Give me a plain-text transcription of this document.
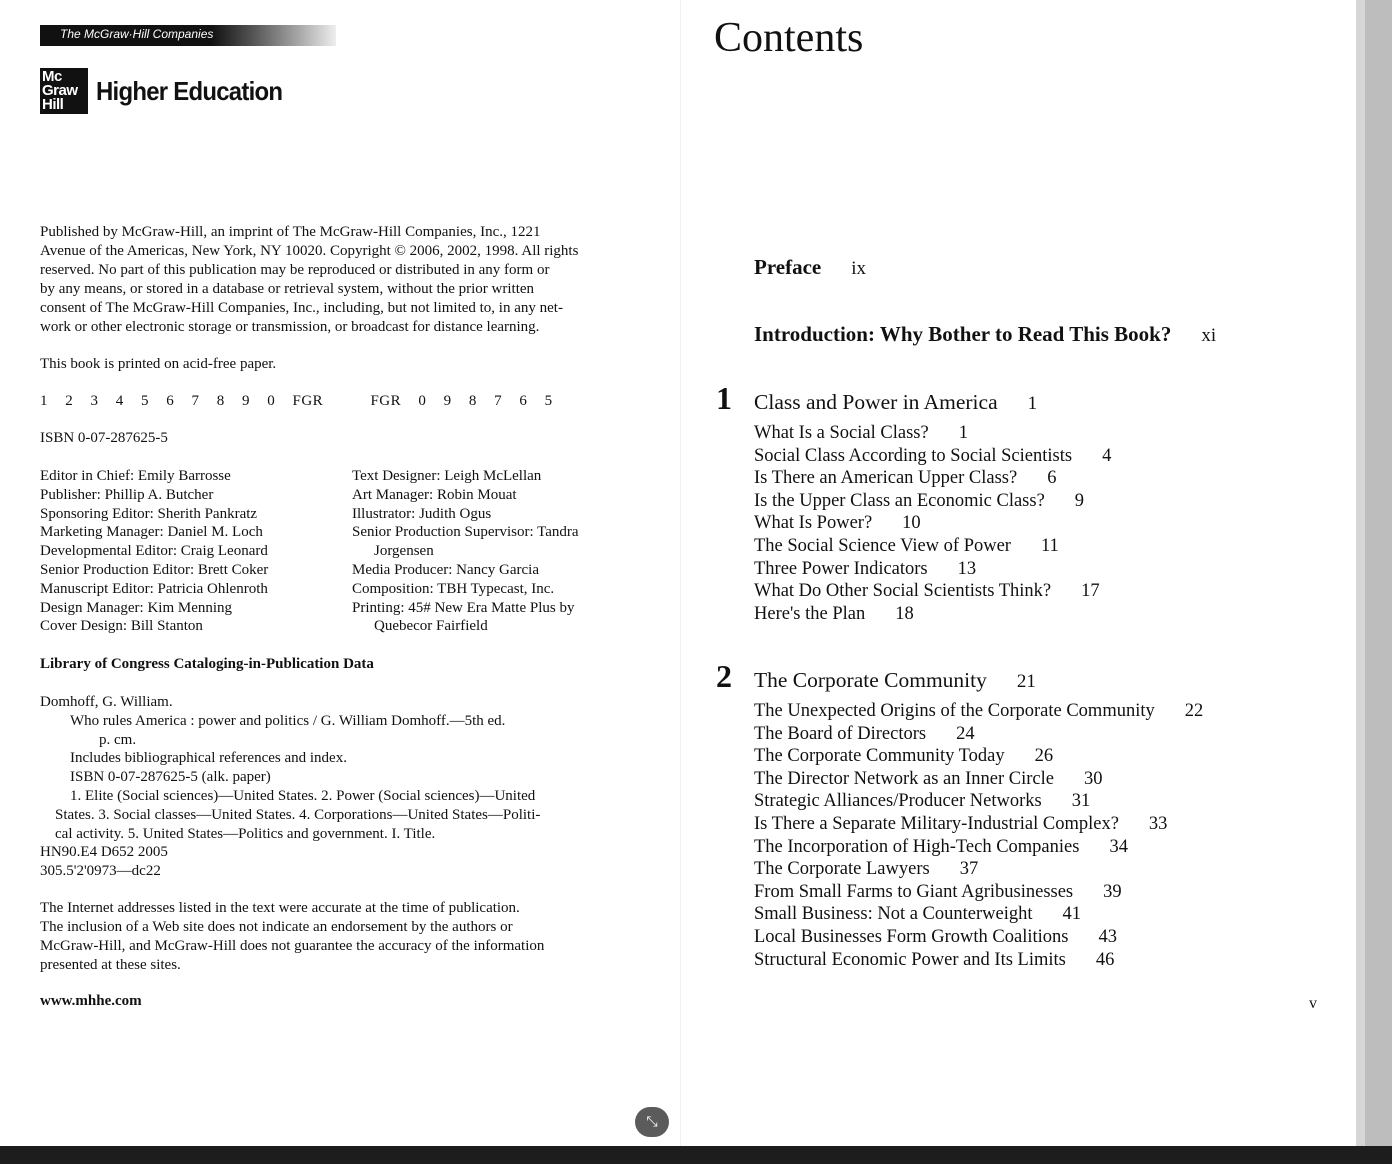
The McGraw·Hill Companies
Mc
Graw
Hill	Higher Education

Published by McGraw-Hill, an imprint of The McGraw-Hill Companies, Inc., 1221

Avenue of the Americas, New York, NY 10020. Copyright © 2006, 2002, 1998. All rights

reserved. No part of this publication may be reproduced or distributed in any form or

by any means, or stored in a database or retrieval system, without the prior written

consent of The McGraw-Hill Companies, Inc., including, but not limited to, in any net-

work or other electronic storage or transmission, or broadcast for distance learning.

This book is printed on acid-free paper.

1 2 3 4 5 6 7 8 9 0 FGR	FGR 0 9 8 7 6 5
ISBN 0-07-287625-5
Editor in Chief: Emily Barrosse
Publisher: Phillip A. Butcher
Sponsoring Editor: Sherith Pankratz
Marketing Manager: Daniel M. Loch
Developmental Editor: Craig Leonard
Senior Production Editor: Brett Coker
Manuscript Editor: Patricia Ohlenroth
Design Manager: Kim Menning
Cover Design: Bill Stanton
Text Designer: Leigh McLellan
Art Manager: Robin Mouat
Illustrator: Judith Ogus
Senior Production Supervisor: Tandra
Jorgensen
Media Producer: Nancy Garcia
Composition: TBH Typecast, Inc.
Printing: 45# New Era Matte Plus by
Quebecor Fairfield
Library of Congress Cataloging-in-Publication Data
Domhoff, G. William.
Who rules America : power and politics / G. William Domhoff.—5th ed.
p. cm.
Includes bibliographical references and index.
ISBN 0-07-287625-5 (alk. paper)
1. Elite (Social sciences)—United States. 2. Power (Social sciences)—United
States. 3. Social classes—United States. 4. Corporations—United States—Politi-
cal activity. 5. United States—Politics and government. I. Title.
HN90.E4 D652 2005
305.5'2'0973—dc22

The Internet addresses listed in the text were accurate at the time of publication.

The inclusion of a Web site does not indicate an endorsement by the authors or

McGraw-Hill, and McGraw-Hill does not guarantee the accuracy of the information

presented at these sites.

www.mhhe.com
Contents
Preface ix
Introduction: Why Bother to Read This Book? xi
1 Class and Power in America 1
What Is a Social Class? 1
Social Class According to Social Scientists 4
Is There an American Upper Class? 6
Is the Upper Class an Economic Class? 9
What Is Power? 10
The Social Science View of Power 11
Three Power Indicators 13
What Do Other Social Scientists Think? 17
Here's the Plan 18
2 The Corporate Community 21
The Unexpected Origins of the Corporate Community 22
The Board of Directors 24
The Corporate Community Today 26
The Director Network as an Inner Circle 30
Strategic Alliances/Producer Networks 31
Is There a Separate Military-Industrial Complex? 33
The Incorporation of High-Tech Companies 34
The Corporate Lawyers 37
From Small Farms to Giant Agribusinesses 39
Small Business: Not a Counterweight 41
Local Businesses Form Growth Coalitions 43
Structural Economic Power and Its Limits 46
v
⤡
